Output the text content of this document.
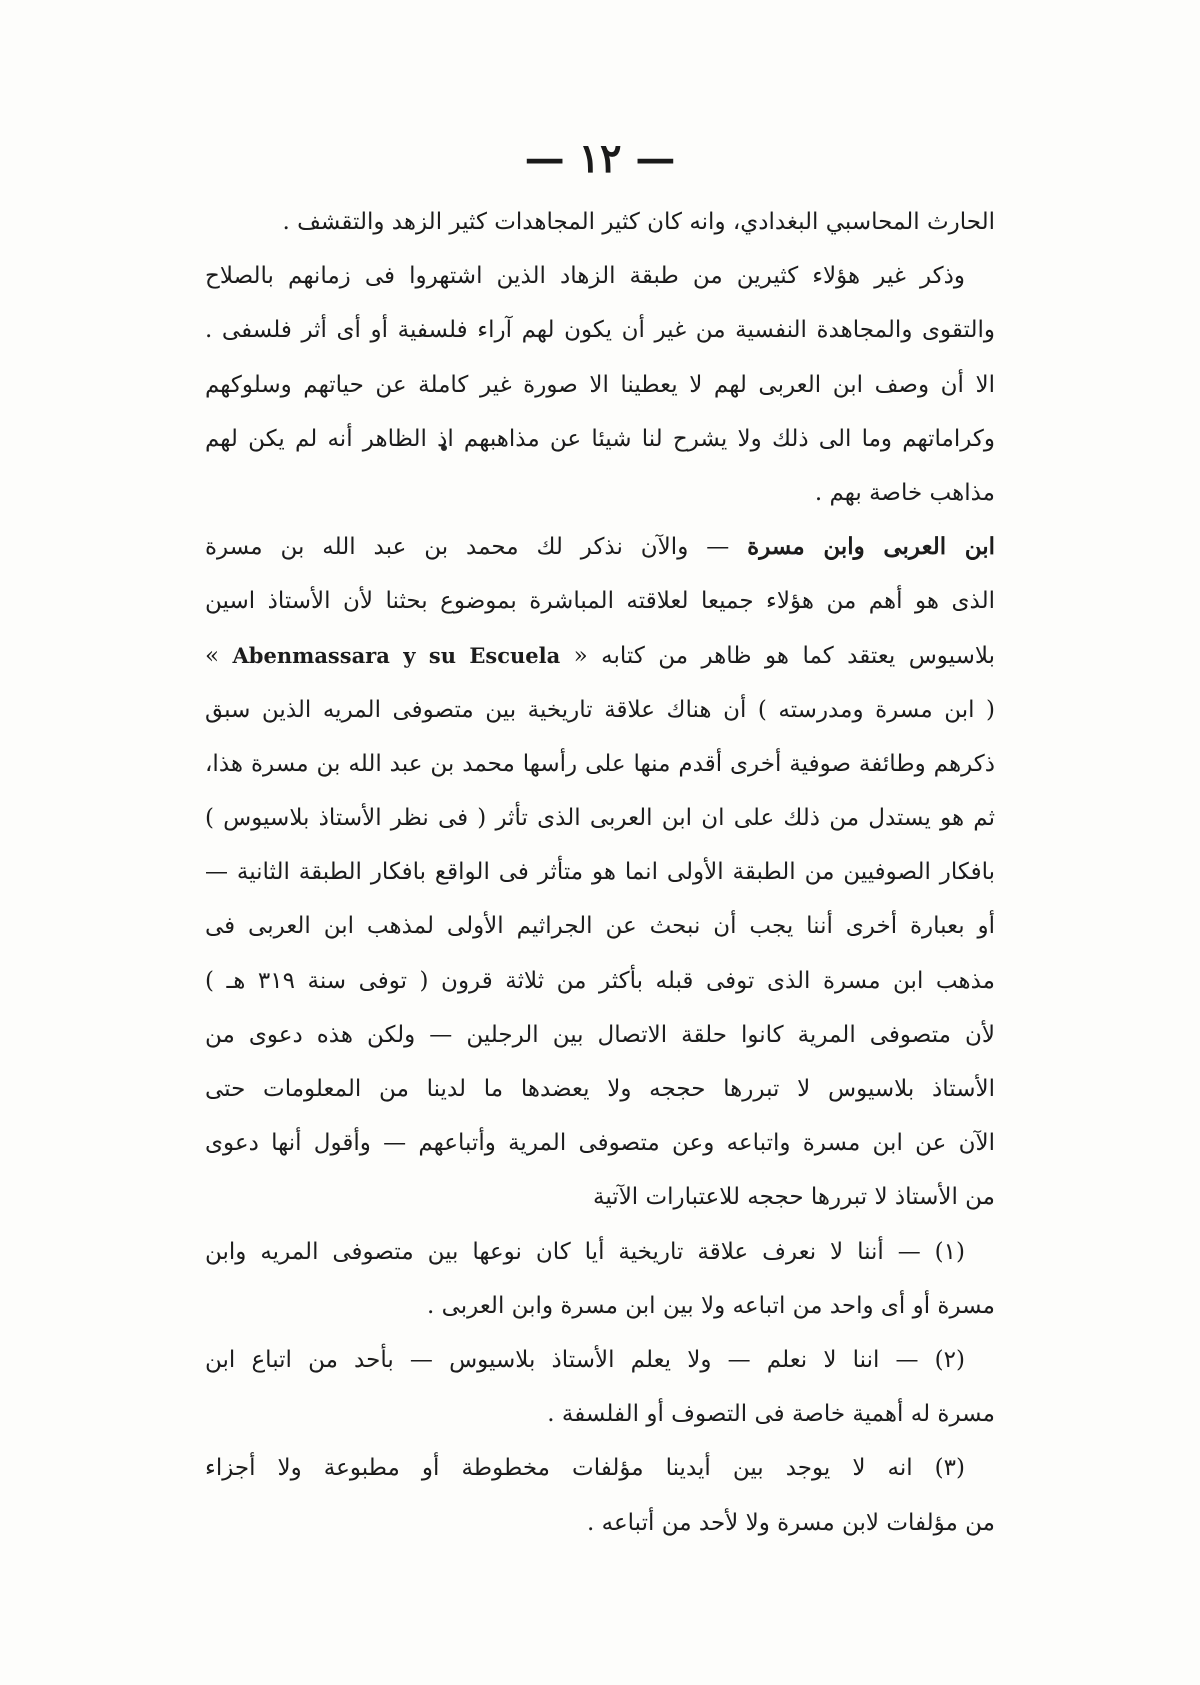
— ١٢ —
الحارث المحاسبي البغدادي، وانه كان كثير المجاهدات كثير الزهد والتقشف .
وذكر غير هؤلاء كثيرين من طبقة الزهاد الذين اشتهروا فى زمانهم بالصلاح
والتقوى والمجاهدة النفسية من غير أن يكون لهم آراء فلسفية أو أى أثر فلسفى .
الا أن وصف ابن العربى لهم لا يعطينا الا صورة غير كاملة عن حياتهم وسلوكهم
وكراماتهم وما الى ذلك ولا يشرح لنا شيئا عن مذاهبهم اذ الظاهر أنه لم يكن لهم
مذاهب خاصة بهم .
ابن العربى وابن مسرة — والآن نذكر لك محمد بن عبد الله بن مسرة
الذى هو أهم من هؤلاء جميعا لعلاقته المباشرة بموضوع بحثنا لأن الأستاذ اسين
بلاسيوس يعتقد كما هو ظاهر من كتابه « Abenmassara y su Escuela »
( ابن مسرة ومدرسته ) أن هناك علاقة تاريخية بين متصوفى المريه الذين سبق
ذكرهم وطائفة صوفية أخرى أقدم منها على رأسها محمد بن عبد الله بن مسرة هذا،
ثم هو يستدل من ذلك على ان ابن العربى الذى تأثر ( فى نظر الأستاذ بلاسيوس )
بافكار الصوفيين من الطبقة الأولى انما هو متأثر فى الواقع بافكار الطبقة الثانية —
أو بعبارة أخرى أننا يجب أن نبحث عن الجراثيم الأولى لمذهب ابن العربى فى
مذهب ابن مسرة الذى توفى قبله بأكثر من ثلاثة قرون ( توفى سنة ٣١٩ هـ )
لأن متصوفى المرية كانوا حلقة الاتصال بين الرجلين — ولكن هذه دعوى من
الأستاذ بلاسيوس لا تبررها حججه ولا يعضدها ما لدينا من المعلومات حتى
الآن عن ابن مسرة واتباعه وعن متصوفى المرية وأتباعهم — وأقول أنها دعوى
من الأستاذ لا تبررها حججه للاعتبارات الآتية
(١) — أننا لا نعرف علاقة تاريخية أيا كان نوعها بين متصوفى المريه وابن
مسرة أو أى واحد من اتباعه ولا بين ابن مسرة وابن العربى .
(٢) — اننا لا نعلم — ولا يعلم الأستاذ بلاسيوس — بأحد من اتباع ابن
مسرة له أهمية خاصة فى التصوف أو الفلسفة .
(٣) انه لا يوجد بين أيدينا مؤلفات مخطوطة أو مطبوعة ولا أجزاء
من مؤلفات لابن مسرة ولا لأحد من أتباعه .
